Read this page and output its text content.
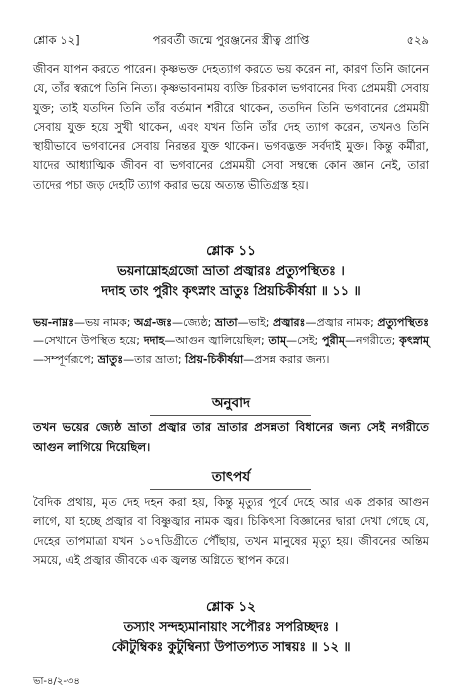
শ্লোক ১২]	পরবর্তী জন্মে পুরঞ্জনের স্ত্রীত্ব প্রাপ্তি	৫২৯

জীবন যাপন করতে পারেন। কৃষ্ণভক্ত দেহত্যাগ করতে ভয় করেন না, কারণ তিনি জানেন যে, তাঁর স্বরূপে তিনি নিত্য। কৃষ্ণভাবনাময় ব্যক্তি চিরকাল ভগবানের দিব্য প্রেমময়ী সেবায় যুক্ত; তাই যতদিন তিনি তাঁর বর্তমান শরীরে থাকেন, ততদিন তিনি ভগবানের প্রেমময়ী সেবায় যুক্ত হয়ে সুখী থাকেন, এবং যখন তিনি তাঁর দেহ ত্যাগ করেন, তখনও তিনি স্থায়ীভাবে ভগবানের সেবায় নিরন্তর যুক্ত থাকেন। ভগবদ্ভক্ত সর্বদাই মুক্ত। কিন্তু কর্মীরা, যাদের আধ্যাত্মিক জীবন বা ভগবানের প্রেমময়ী সেবা সম্বন্ধে কোন জ্ঞান নেই, তারা তাদের পচা জড় দেহটি ত্যাগ করার ভয়ে অত্যন্ত ভীতিগ্রস্ত হয়।

শ্লোক ১১
ভয়নাম্নোহগ্রজো ভ্রাতা প্রজ্বারঃ প্রত্যুপস্থিতঃ ।
দদাহ তাং পুরীং কৃৎস্নাং ভ্রাতুঃ প্রিয়চিকীর্ষয়া ॥ ১১ ॥
ভয়-নাম্নঃ—ভয় নামক; অগ্র-জঃ—জ্যেষ্ঠ; ভ্রাতা—ভাই; প্রজ্বারঃ—প্রজ্বার নামক; প্রত্যুপস্থিতঃ—সেখানে উপস্থিত হয়ে; দদাহ—আগুন জ্বালিয়েছিল; তাম্—সেই; পুরীম্—নগরীতে; কৃৎস্নাম্—সম্পূর্ণরূপে; ভ্রাতুঃ—তার ভ্রাতা; প্রিয়-চিকীর্ষয়া—প্রসন্ন করার জন্য।
অনুবাদ
তখন ভয়ের জ্যেষ্ঠ ভ্রাতা প্রজ্বার তার ভ্রাতার প্রসন্নতা বিধানের জন্য সেই নগরীতে আগুন লাগিয়ে দিয়েছিল।
তাৎপর্য

বৈদিক প্রথায়, মৃত দেহ দহন করা হয়, কিন্তু মৃত্যুর পূর্বে দেহে আর এক প্রকার আগুন লাগে, যা হচ্ছে প্রজ্বার বা বিষ্ণুজ্বার নামক জ্বর। চিকিৎসা বিজ্ঞানের দ্বারা দেখা গেছে যে, দেহের তাপমাত্রা যখন ১০৭ডিগ্রীতে পৌঁছায়, তখন মানুষের মৃত্যু হয়। জীবনের অন্তিম সময়ে, এই প্রজ্বার জীবকে এক জ্বলন্ত অগ্নিতে স্থাপন করে।

শ্লোক ১২
তস্যাং সন্দহ্যমানায়াং সপৌরঃ সপরিচ্ছদঃ ।
কৌটুম্বিকঃ কুটুম্বিন্যা উপাতপ্যত সান্বয়ঃ ॥ ১২ ॥
ভা-৪/২-৩৪
